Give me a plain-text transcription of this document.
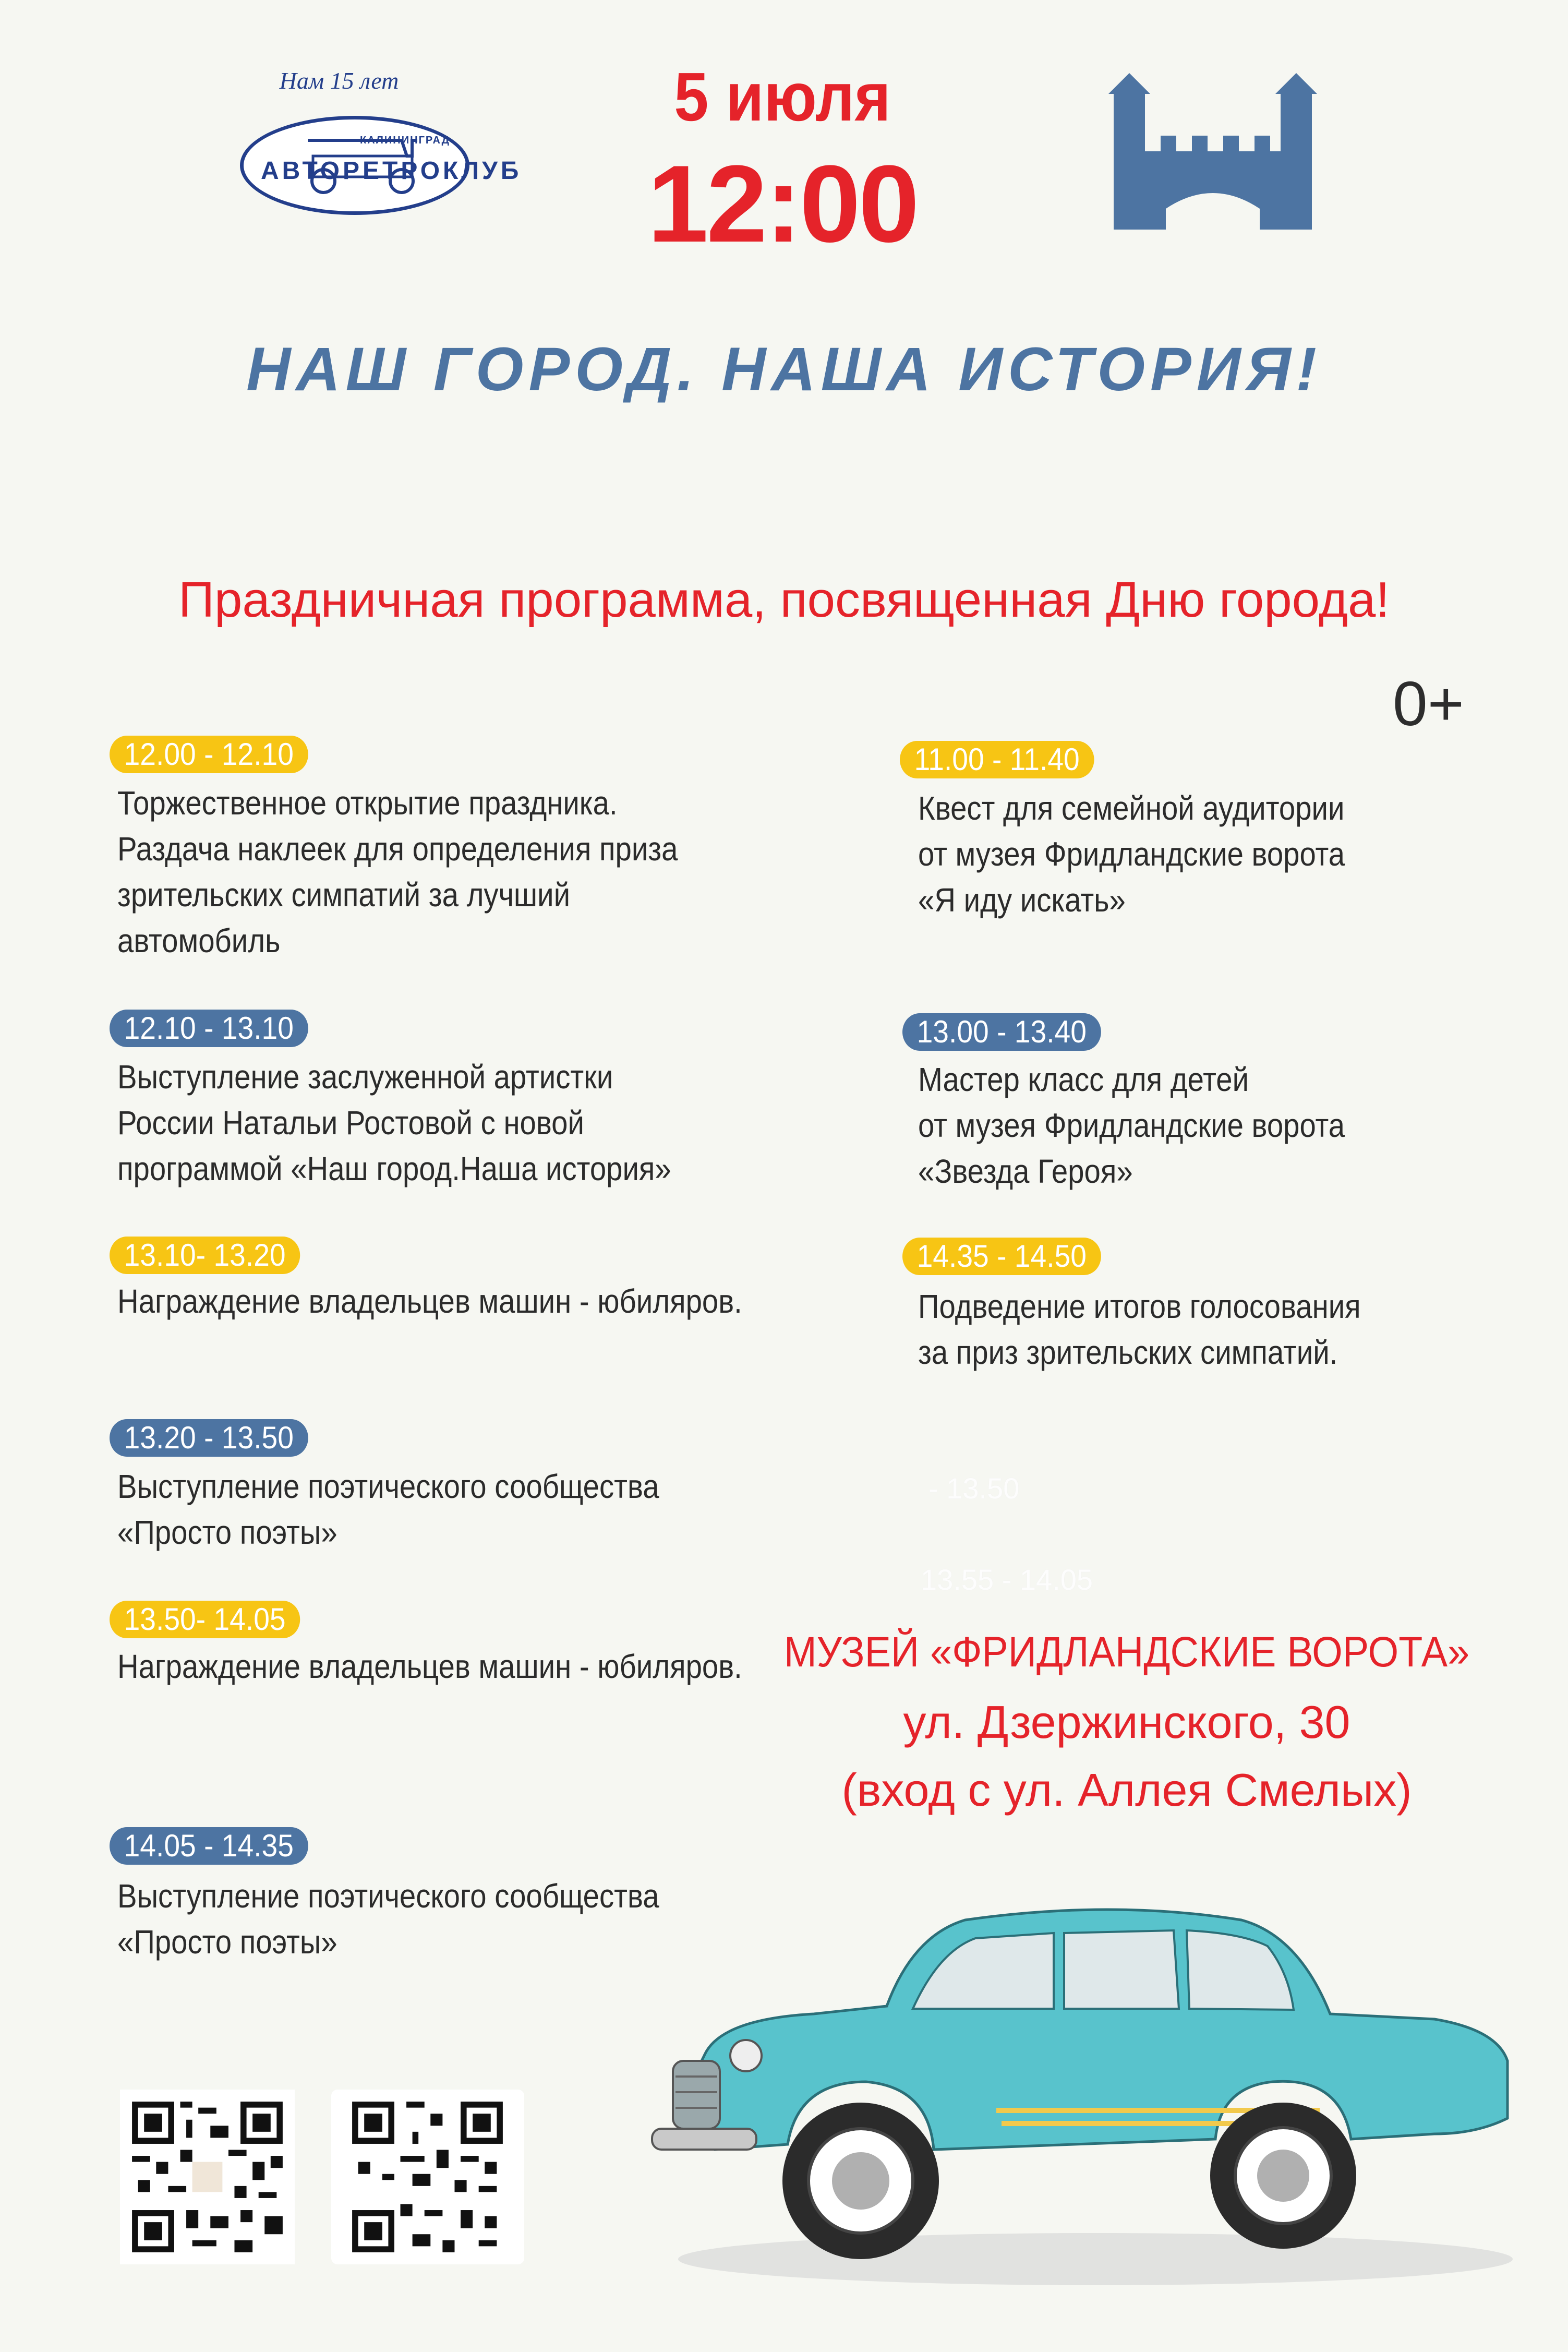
Нам 15 лет
КАЛИНИНГРАД
АВТОРЕТРОКЛУБ
5 июля
12:00
НАШ ГОРОД. НАША ИСТОРИЯ!
Праздничная программа, посвященная Дню города!
0+
12.00 - 12.10
Торжественное открытие праздника.
Раздача наклеек для определения приза
зрительских симпатий за лучший
автомобиль
12.10 - 13.10
Выступление заслуженной артистки
России Натальи Ростовой с новой
программой «Наш город.Наша история»
13.10- 13.20
Награждение владельцев машин - юбиляров.
13.20 - 13.50
Выступление поэтического сообщества
«Просто поэты»
13.50- 14.05
Награждение владельцев машин - юбиляров.
14.05 - 14.35
Выступление поэтического сообщества
«Просто поэты»
11.00 - 11.40
Квест для семейной аудитории
от музея Фридландские ворота
«Я иду искать»
13.00 - 13.40
Мастер класс для детей
от музея Фридландские ворота
«Звезда Героя»
14.35 - 14.50
Подведение итогов голосования
за приз зрительских симпатий.
- 13.50
13.55 - 14.05
МУЗЕЙ «ФРИДЛАНДСКИЕ ВОРОТА»
ул. Дзержинского, 30
(вход с ул. Аллея Смелых)
